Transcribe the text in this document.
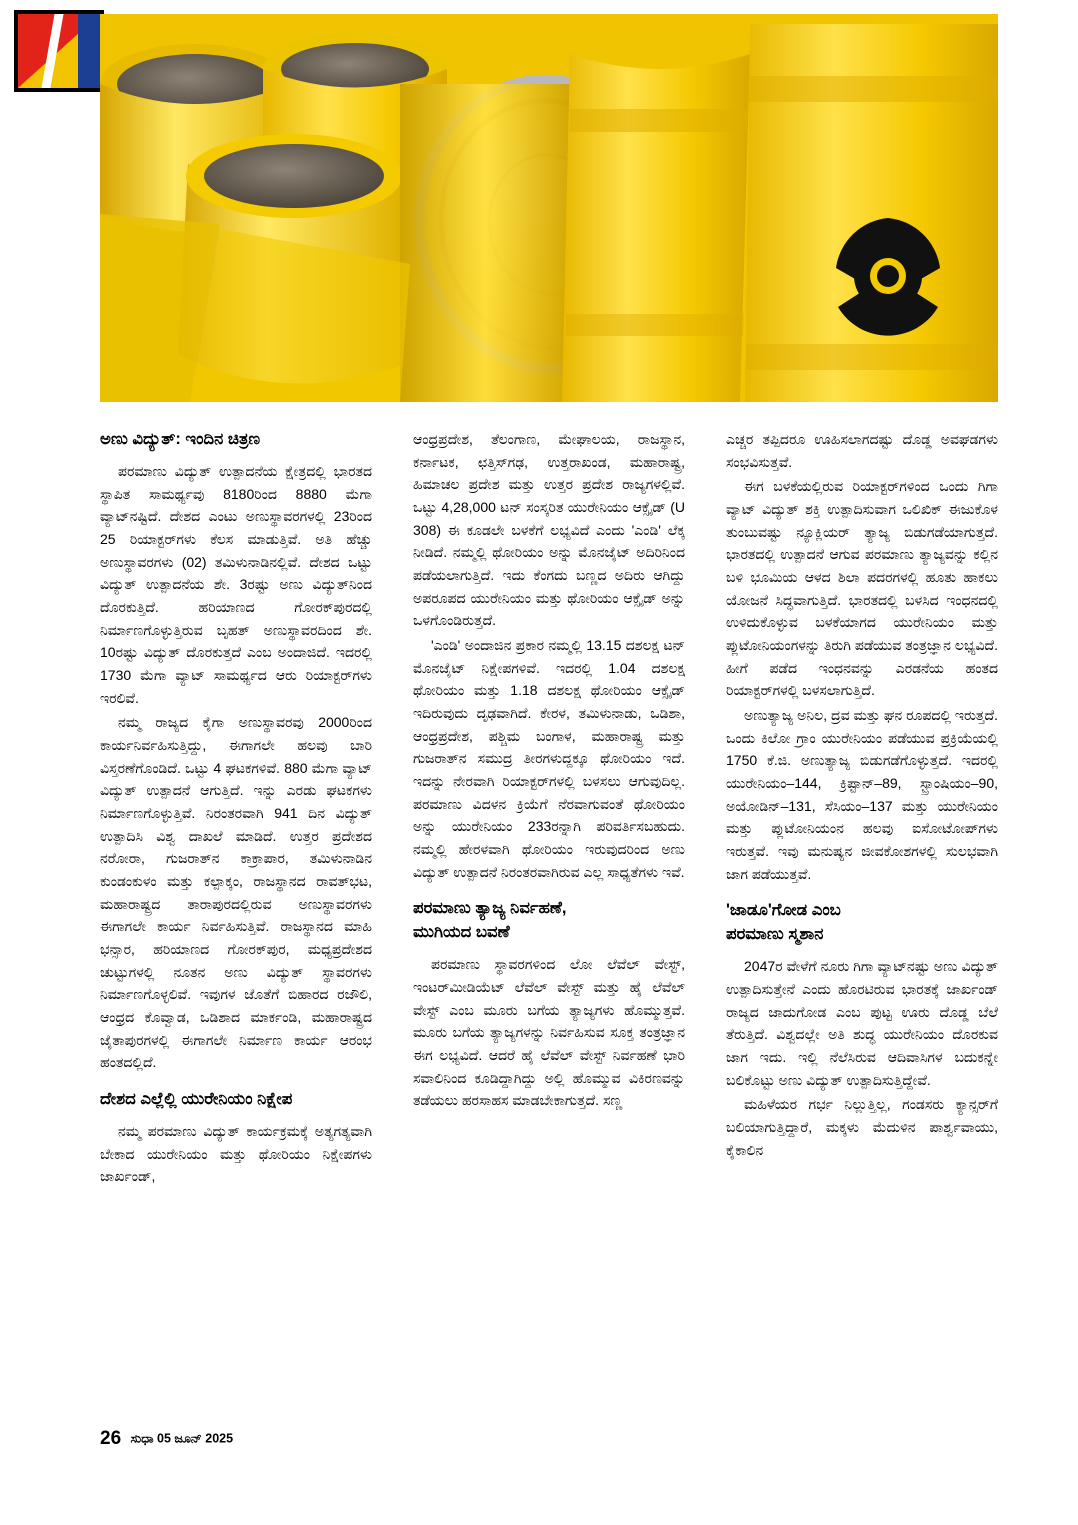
ಅಣು ವಿದ್ಯುತ್: ಇಂದಿನ ಚಿತ್ರಣ

ಪರಮಾಣು ವಿದ್ಯುತ್ ಉತ್ಪಾದನೆಯ ಕ್ಷೇತ್ರದಲ್ಲಿ ಭಾರತದ ಸ್ಥಾಪಿತ ಸಾಮರ್ಥ್ಯವು 8180ರಿಂದ 8880 ಮೆಗಾ ವ್ಯಾಟ್‌ನಷ್ಟಿದೆ. ದೇಶದ ಎಂಟು ಅಣುಸ್ಥಾವರಗಳಲ್ಲಿ 23ರಿಂದ 25 ರಿಯಾಕ್ಟರ್‌ಗಳು ಕೆಲಸ ಮಾಡುತ್ತಿವೆ. ಅತಿ ಹೆಚ್ಚು ಅಣುಸ್ಥಾವರಗಳು (02) ತಮಿಳುನಾಡಿನಲ್ಲಿವೆ. ದೇಶದ ಒಟ್ಟು ವಿದ್ಯುತ್ ಉತ್ಪಾದನೆಯ ಶೇ. 3ರಷ್ಟು ಅಣು ವಿದ್ಯುತ್‌ನಿಂದ ದೊರಕುತ್ತಿದೆ. ಹರಿಯಾಣದ ಗೋರಕ್‌ಪುರದಲ್ಲಿ ನಿರ್ಮಾಣಗೊಳ್ಳುತ್ತಿರುವ ಬೃಹತ್ ಅಣುಸ್ಥಾವರದಿಂದ ಶೇ. 10ರಷ್ಟು ವಿದ್ಯುತ್ ದೊರಕುತ್ತದೆ ಎಂಬ ಅಂದಾಜಿದೆ. ಇದರಲ್ಲಿ 1730 ಮೆಗಾ ವ್ಯಾಟ್ ಸಾಮರ್ಥ್ಯದ ಆರು ರಿಯಾಕ್ಟರ್‌ಗಳು ಇರಲಿವೆ.

ನಮ್ಮ ರಾಜ್ಯದ ಕೈಗಾ ಅಣುಸ್ಥಾವರವು 2000ರಿಂದ ಕಾರ್ಯನಿರ್ವಹಿಸುತ್ತಿದ್ದು, ಈಗಾಗಲೇ ಹಲವು ಬಾರಿ ವಿಸ್ತರಣೆಗೊಂಡಿದೆ. ಒಟ್ಟು 4 ಘಟಕಗಳಿವೆ. 880 ಮೆಗಾ ವ್ಯಾಟ್ ವಿದ್ಯುತ್ ಉತ್ಪಾದನೆ ಆಗುತ್ತಿದೆ. ಇನ್ನು ಎರಡು ಘಟಕಗಳು ನಿರ್ಮಾಣಗೊಳ್ಳುತ್ತಿವೆ. ನಿರಂತರವಾಗಿ 941 ದಿನ ವಿದ್ಯುತ್ ಉತ್ಪಾದಿಸಿ ವಿಶ್ವ ದಾಖಲೆ ಮಾಡಿದೆ. ಉತ್ತರ ಪ್ರದೇಶದ ನರೋರಾ, ಗುಜರಾತ್‌ನ ಕಾಕ್ರಾಪಾರ, ತಮಿಳುನಾಡಿನ ಕುಂಡಂಕುಳಂ ಮತ್ತು ಕಲ್ಪಾಕ್ಕಂ, ರಾಜಸ್ಥಾನದ ರಾವತ್‌ಭಟ, ಮಹಾರಾಷ್ಟ್ರದ ತಾರಾಪುರದಲ್ಲಿರುವ ಅಣುಸ್ಥಾವರಗಳು ಈಗಾಗಲೇ ಕಾರ್ಯ ನಿರ್ವಹಿಸುತ್ತಿವೆ. ರಾಜಸ್ಥಾನದ ಮಾಹಿ ಭನ್ಸಾರ, ಹರಿಯಾಣದ ಗೋರಕ್‌ಪುರ, ಮಧ್ಯಪ್ರದೇಶದ ಚುಟ್ಟುಗಳಲ್ಲಿ ನೂತನ ಅಣು ವಿದ್ಯುತ್ ಸ್ಥಾವರಗಳು ನಿರ್ಮಾಣಗೊಳ್ಳಲಿವೆ. ಇವುಗಳ ಜೊತೆಗೆ ಬಿಹಾರದ ರಜೌಲಿ, ಆಂಧ್ರದ ಕೊವ್ವಾಡ, ಒಡಿಶಾದ ಮಾರ್ಕಂಡಿ, ಮಹಾರಾಷ್ಟ್ರದ ಜೈತಾಪುರಗಳಲ್ಲಿ ಈಗಾಗಲೇ ನಿರ್ಮಾಣ ಕಾರ್ಯ ಆರಂಭ ಹಂತದಲ್ಲಿದೆ.

ದೇಶದ ಎಲ್ಲೆಲ್ಲಿ ಯುರೇನಿಯಂ ನಿಕ್ಷೇಪ

ನಮ್ಮ ಪರಮಾಣು ವಿದ್ಯುತ್ ಕಾರ್ಯಕ್ರಮಕ್ಕೆ ಅತ್ಯಗತ್ಯವಾಗಿ ಬೇಕಾದ ಯುರೇನಿಯಂ ಮತ್ತು ಥೋರಿಯಂ ನಿಕ್ಷೇಪಗಳು ಜಾರ್ಖಂಡ್,

ಆಂಧ್ರಪ್ರದೇಶ, ತೆಲಂಗಾಣ, ಮೇಘಾಲಯ, ರಾಜಸ್ಥಾನ, ಕರ್ನಾಟಕ, ಛತ್ತಿಸ್‌ಗಢ, ಉತ್ತರಾಖಂಡ, ಮಹಾರಾಷ್ಟ್ರ, ಹಿಮಾಚಲ ಪ್ರದೇಶ ಮತ್ತು ಉತ್ತರ ಪ್ರದೇಶ ರಾಜ್ಯಗಳಲ್ಲಿವೆ. ಒಟ್ಟು 4,28,000 ಟನ್ ಸಂಸ್ಕರಿತ ಯುರೇನಿಯಂ ಆಕ್ಸೈಡ್ (U 308) ಈ ಕೂಡಲೇ ಬಳಕೆಗೆ ಲಭ್ಯವಿದೆ ಎಂದು 'ಎಂಡಿ' ಲೆಕ್ಕ ನೀಡಿದೆ. ನಮ್ಮಲ್ಲಿ ಥೋರಿಯಂ ಅನ್ನು ಮೊನಜೈಟ್ ಅದಿರಿನಿಂದ ಪಡೆಯಲಾಗುತ್ತಿದೆ. ಇದು ಕೆಂಗದು ಬಣ್ಣದ ಅದಿರು ಆಗಿದ್ದು ಅಪರೂಪದ ಯುರೇನಿಯಂ ಮತ್ತು ಥೋರಿಯಂ ಆಕ್ಸೈಡ್ ಅನ್ನು ಒಳಗೊಂಡಿರುತ್ತದೆ.

'ಎಂಡಿ' ಅಂದಾಜಿನ ಪ್ರಕಾರ ನಮ್ಮಲ್ಲಿ 13.15 ದಶಲಕ್ಷ ಟನ್ ಮೊನಜೈಟ್ ನಿಕ್ಷೇಪಗಳಿವೆ. ಇದರಲ್ಲಿ 1.04 ದಶಲಕ್ಷ ಥೋರಿಯಂ ಮತ್ತು 1.18 ದಶಲಕ್ಷ ಥೋರಿಯಂ ಆಕ್ಸೈಡ್ ಇದಿರುವುದು ದೃಢವಾಗಿದೆ. ಕೇರಳ, ತಮಿಳುನಾಡು, ಒಡಿಶಾ, ಆಂಧ್ರಪ್ರದೇಶ, ಪಶ್ಚಿಮ ಬಂಗಾಳ, ಮಹಾರಾಷ್ಟ್ರ ಮತ್ತು ಗುಜರಾತ್‌ನ ಸಮುದ್ರ ತೀರಗಳುದ್ದಕ್ಕೂ ಥೋರಿಯಂ ಇದೆ. ಇದನ್ನು ನೇರವಾಗಿ ರಿಯಾಕ್ಟರ್‌ಗಳಲ್ಲಿ ಬಳಸಲು ಆಗುವುದಿಲ್ಲ. ಪರಮಾಣು ವಿದಳನ ಕ್ರಿಯೆಗೆ ನೆರವಾಗುವಂತೆ ಥೋರಿಯಂ ಅನ್ನು ಯುರೇನಿಯಂ 233ರನ್ನಾಗಿ ಪರಿವರ್ತಿಸಬಹುದು. ನಮ್ಮಲ್ಲಿ ಹೇರಳವಾಗಿ ಥೋರಿಯಂ ಇರುವುದರಿಂದ ಅಣು ವಿದ್ಯುತ್ ಉತ್ಪಾದನೆ ನಿರಂತರವಾಗಿರುವ ಎಲ್ಲ ಸಾಧ್ಯತೆಗಳು ಇವೆ.

ಪರಮಾಣು ತ್ಯಾಜ್ಯ ನಿರ್ವಹಣೆ,
ಮುಗಿಯದ ಬವಣೆ

ಪರಮಾಣು ಸ್ಥಾವರಗಳಿಂದ ಲೋ ಲೆವೆಲ್ ವೇಸ್ಟ್, ಇಂಟರ್‌ಮೀಡಿಯೆಟ್ ಲೆವೆಲ್ ವೇಸ್ಟ್ ಮತ್ತು ಹೈ ಲೆವೆಲ್ ವೇಸ್ಟ್ ಎಂಬ ಮೂರು ಬಗೆಯ ತ್ಯಾಜ್ಯಗಳು ಹೊಮ್ಮುತ್ತವೆ. ಮೂರು ಬಗೆಯ ತ್ಯಾಜ್ಯಗಳನ್ನು ನಿರ್ವಹಿಸುವ ಸೂಕ್ತ ತಂತ್ರಜ್ಞಾನ ಈಗ ಲಭ್ಯವಿದೆ. ಆದರೆ ಹೈ ಲೆವೆಲ್ ವೇಸ್ಟ್ ನಿರ್ವಹಣೆ ಭಾರಿ ಸವಾಲಿನಿಂದ ಕೂಡಿದ್ದಾಗಿದ್ದು ಅಲ್ಲಿ ಹೊಮ್ಮುವ ವಿಕಿರಣವನ್ನು ತಡೆಯಲು ಹರಸಾಹಸ ಮಾಡಬೇಕಾಗುತ್ತದೆ. ಸಣ್ಣ

ಎಚ್ಚರ ತಪ್ಪಿದರೂ ಊಹಿಸಲಾಗದಷ್ಟು ದೊಡ್ಡ ಅವಘಡಗಳು ಸಂಭವಿಸುತ್ತವೆ.

ಈಗ ಬಳಕೆಯಲ್ಲಿರುವ ರಿಯಾಕ್ಟರ್‌ಗಳಿಂದ ಒಂದು ಗಿಗಾ ವ್ಯಾಟ್ ವಿದ್ಯುತ್ ಶಕ್ತಿ ಉತ್ಪಾದಿಸುವಾಗ ಒಲಿಖಿಕ್ ಈಜುಕೊಳ ತುಂಬುವಷ್ಟು ನ್ಯೂಕ್ಲಿಯರ್ ತ್ಯಾಜ್ಯ ಬಿಡುಗಡೆಯಾಗುತ್ತದೆ. ಭಾರತದಲ್ಲಿ ಉತ್ಪಾದನೆ ಆಗುವ ಪರಮಾಣು ತ್ಯಾಜ್ಯವನ್ನು ಕಲ್ಲಿನ ಬಳಿ ಭೂಮಿಯ ಆಳದ ಶಿಲಾ ಪದರಗಳಲ್ಲಿ ಹೂತು ಹಾಕಲು ಯೋಜನೆ ಸಿದ್ಧವಾಗುತ್ತಿದೆ. ಭಾರತದಲ್ಲಿ ಬಳಸಿದ ಇಂಧನದಲ್ಲಿ ಉಳಿದುಕೊಳ್ಳುವ ಬಳಕೆಯಾಗದ ಯುರೇನಿಯಂ ಮತ್ತು ಪ್ಲುಟೋನಿಯಂಗಳನ್ನು ತಿರುಗಿ ಪಡೆಯುವ ತಂತ್ರಜ್ಞಾನ ಲಭ್ಯವಿದೆ. ಹೀಗೆ ಪಡೆದ ಇಂಧನವನ್ನು ಎರಡನೆಯ ಹಂತದ ರಿಯಾಕ್ಟರ್‌ಗಳಲ್ಲಿ ಬಳಸಲಾಗುತ್ತಿದೆ.

ಅಣುತ್ಯಾಜ್ಯ ಅನಿಲ, ದ್ರವ ಮತ್ತು ಘನ ರೂಪದಲ್ಲಿ ಇರುತ್ತದೆ. ಒಂದು ಕಿಲೋ ಗ್ರಾಂ ಯುರೇನಿಯಂ ಪಡೆಯುವ ಪ್ರಕ್ರಿಯೆಯಲ್ಲಿ 1750 ಕೆ.ಜಿ. ಅಣುತ್ಯಾಜ್ಯ ಬಿಡುಗಡೆಗೊಳ್ಳುತ್ತದೆ. ಇದರಲ್ಲಿ ಯುರೇನಿಯಂ–144, ಕ್ರಿಪ್ಟಾನ್–89, ಸ್ಟ್ರಾಂಷಿಯಂ–90, ಅಯೋಡಿನ್–131, ಸೆಸಿಯಂ–137 ಮತ್ತು ಯುರೇನಿಯಂ ಮತ್ತು ಪ್ಲುಟೋನಿಯಂನ ಹಲವು ಐಸೋಟೋಪ್‌ಗಳು ಇರುತ್ತವೆ. ಇವು ಮನುಷ್ಯನ ಜೀವಕೋಶಗಳಲ್ಲಿ ಸುಲಭವಾಗಿ ಜಾಗ ಪಡೆಯುತ್ತವೆ.

'ಜಾಡೂ'ಗೋಡ ಎಂಬ
ಪರಮಾಣು ಸ್ಮಶಾನ

2047ರ ವೇಳೆಗೆ ನೂರು ಗಿಗಾ ವ್ಯಾಟ್‌ನಷ್ಟು ಅಣು ವಿದ್ಯುತ್ ಉತ್ಪಾದಿಸುತ್ತೇನೆ ಎಂದು ಹೊರಟಿರುವ ಭಾರತಕ್ಕೆ ಜಾರ್ಖಂಡ್ ರಾಜ್ಯದ ಜಾದುಗೋಡ ಎಂಬ ಪುಟ್ಟ ಊರು ದೊಡ್ಡ ಬೆಲೆ ತೆರುತ್ತಿದೆ. ವಿಶ್ವದಲ್ಲೇ ಅತಿ ಶುದ್ಧ ಯುರೇನಿಯಂ ದೊರಕುವ ಜಾಗ ಇದು. ಇಲ್ಲಿ ನೆಲೆಸಿರುವ ಆದಿವಾಸಿಗಳ ಬದುಕನ್ನೇ ಬಲಿಕೊಟ್ಟು ಅಣು ವಿದ್ಯುತ್ ಉತ್ಪಾದಿಸುತ್ತಿದ್ದೇವೆ.

ಮಹಿಳೆಯರ ಗರ್ಭ ನಿಲ್ಲುತ್ತಿಲ್ಲ, ಗಂಡಸರು ಕ್ಯಾನ್ಸರ್‌ಗೆ ಬಲಿಯಾಗುತ್ತಿದ್ದಾರೆ, ಮಕ್ಕಳು ಮೆದುಳಿನ ಪಾರ್ಶ್ವವಾಯು, ಕೈಕಾಲಿನ

26 ಸುಧಾ 05 ಜೂನ್ 2025
